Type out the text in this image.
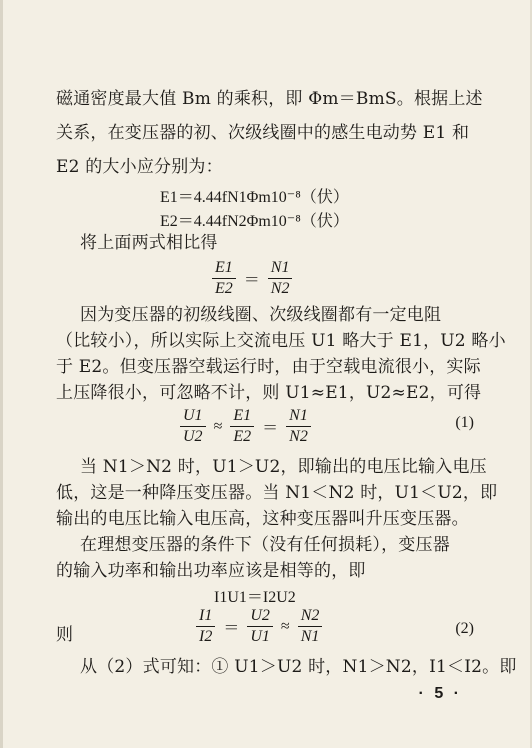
磁通密度最大值 Bm 的乘积，即 Φm＝BmS。根据上述
关系，在变压器的初、次级线圈中的感生电动势 E1 和
E2 的大小应分别为：
E1＝4.44fN1Φm10⁻⁸（伏）
E2＝4.44fN2Φm10⁻⁸（伏）
将上面两式相比得
$\frac{E1}{E2} = \frac{N1}{N2}$
因为变压器的初级线圈、次级线圈都有一定电阻
（比较小），所以实际上交流电压 U1 略大于 E1，U2 略小
于 E2。但变压器空载运行时，由于空载电流很小，实际
上压降很小，可忽略不计，则 U1≈E1，U2≈E2，可得
$\frac{U1}{U2} \approx \frac{E1}{E2} = \frac{N1}{N2}$	(1)
当 N1＞N2 时，U1＞U2，即输出的电压比输入电压
低，这是一种降压变压器。当 N1＜N2 时，U1＜U2，即
输出的电压比输入电压高，这种变压器叫升压变压器。
在理想变压器的条件下（没有任何损耗），变压器
的输入功率和输出功率应该是相等的，即
I1U1＝I2U2
则	$\frac{I1}{I2} = \frac{U2}{U1} \approx \frac{N2}{N1}$	(2)
从（2）式可知：① U1＞U2 时，N1＞N2，I1＜I2。即
· 5 ·
